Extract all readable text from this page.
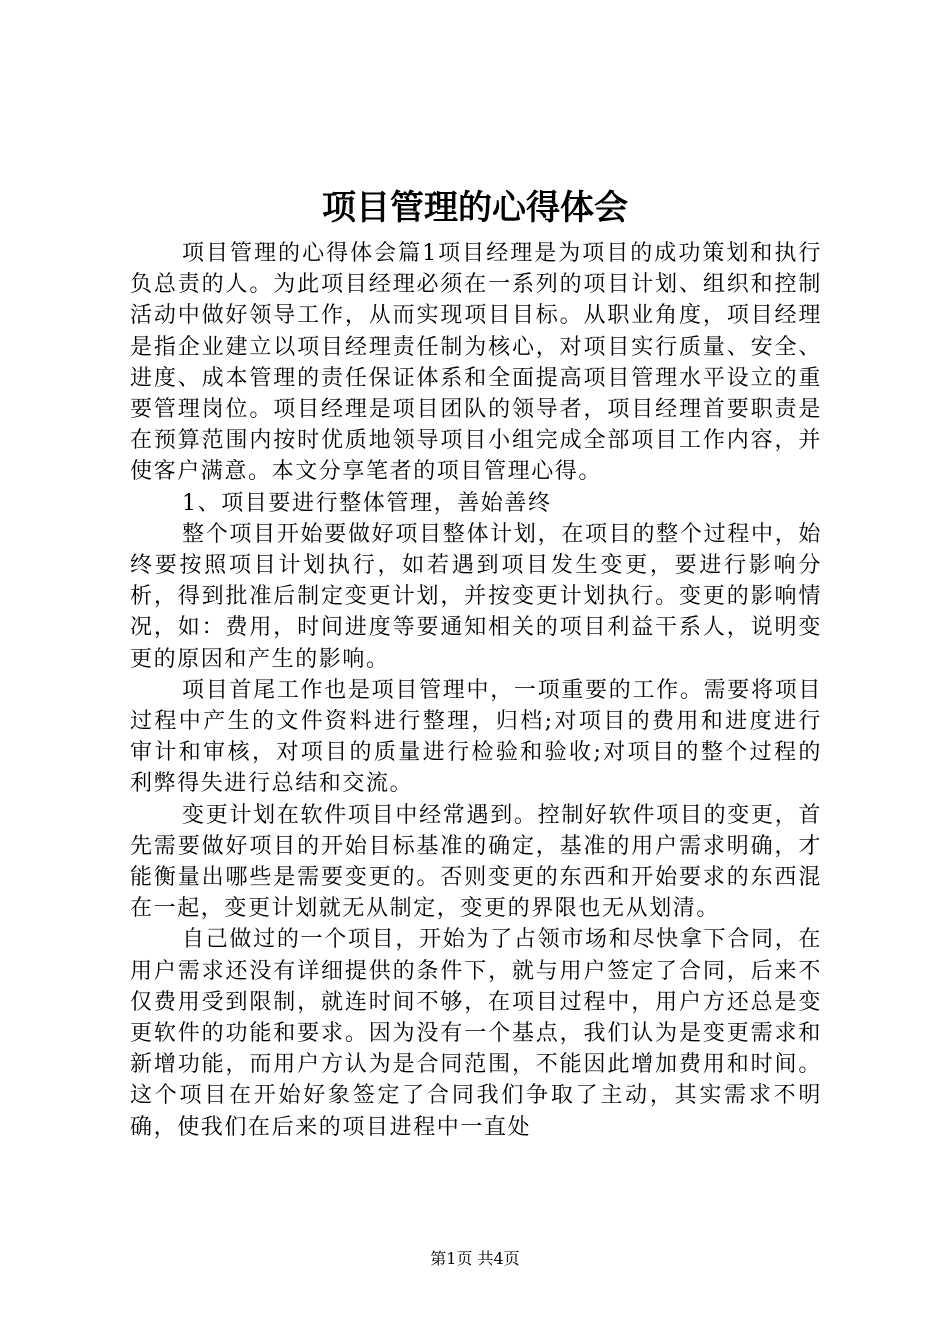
项目管理的心得体会

项目管理的心得体会篇1项目经理是为项目的成功策划和执行负总责的人。为此项目经理必须在一系列的项目计划、组织和控制活动中做好领导工作，从而实现项目目标。从职业角度，项目经理是指企业建立以项目经理责任制为核心，对项目实行质量、安全、进度、成本管理的责任保证体系和全面提高项目管理水平设立的重要管理岗位。项目经理是项目团队的领导者，项目经理首要职责是在预算范围内按时优质地领导项目小组完成全部项目工作内容，并使客户满意。本文分享笔者的项目管理心得。

1、项目要进行整体管理，善始善终

整个项目开始要做好项目整体计划，在项目的整个过程中，始终要按照项目计划执行，如若遇到项目发生变更，要进行影响分析，得到批准后制定变更计划，并按变更计划执行。变更的影响情况，如：费用，时间进度等要通知相关的项目利益干系人，说明变更的原因和产生的影响。

项目首尾工作也是项目管理中，一项重要的工作。需要将项目过程中产生的文件资料进行整理，归档;对项目的费用和进度进行审计和审核，对项目的质量进行检验和验收;对项目的整个过程的利弊得失进行总结和交流。

变更计划在软件项目中经常遇到。控制好软件项目的变更，首先需要做好项目的开始目标基准的确定，基准的用户需求明确，才能衡量出哪些是需要变更的。否则变更的东西和开始要求的东西混在一起，变更计划就无从制定，变更的界限也无从划清。

自己做过的一个项目，开始为了占领市场和尽快拿下合同，在用户需求还没有详细提供的条件下，就与用户签定了合同，后来不仅费用受到限制，就连时间不够，在项目过程中，用户方还总是变更软件的功能和要求。因为没有一个基点，我们认为是变更需求和新增功能，而用户方认为是合同范围，不能因此增加费用和时间。这个项目在开始好象签定了合同我们争取了主动，其实需求不明确，使我们在后来的项目进程中一直处

第1页 共4页
